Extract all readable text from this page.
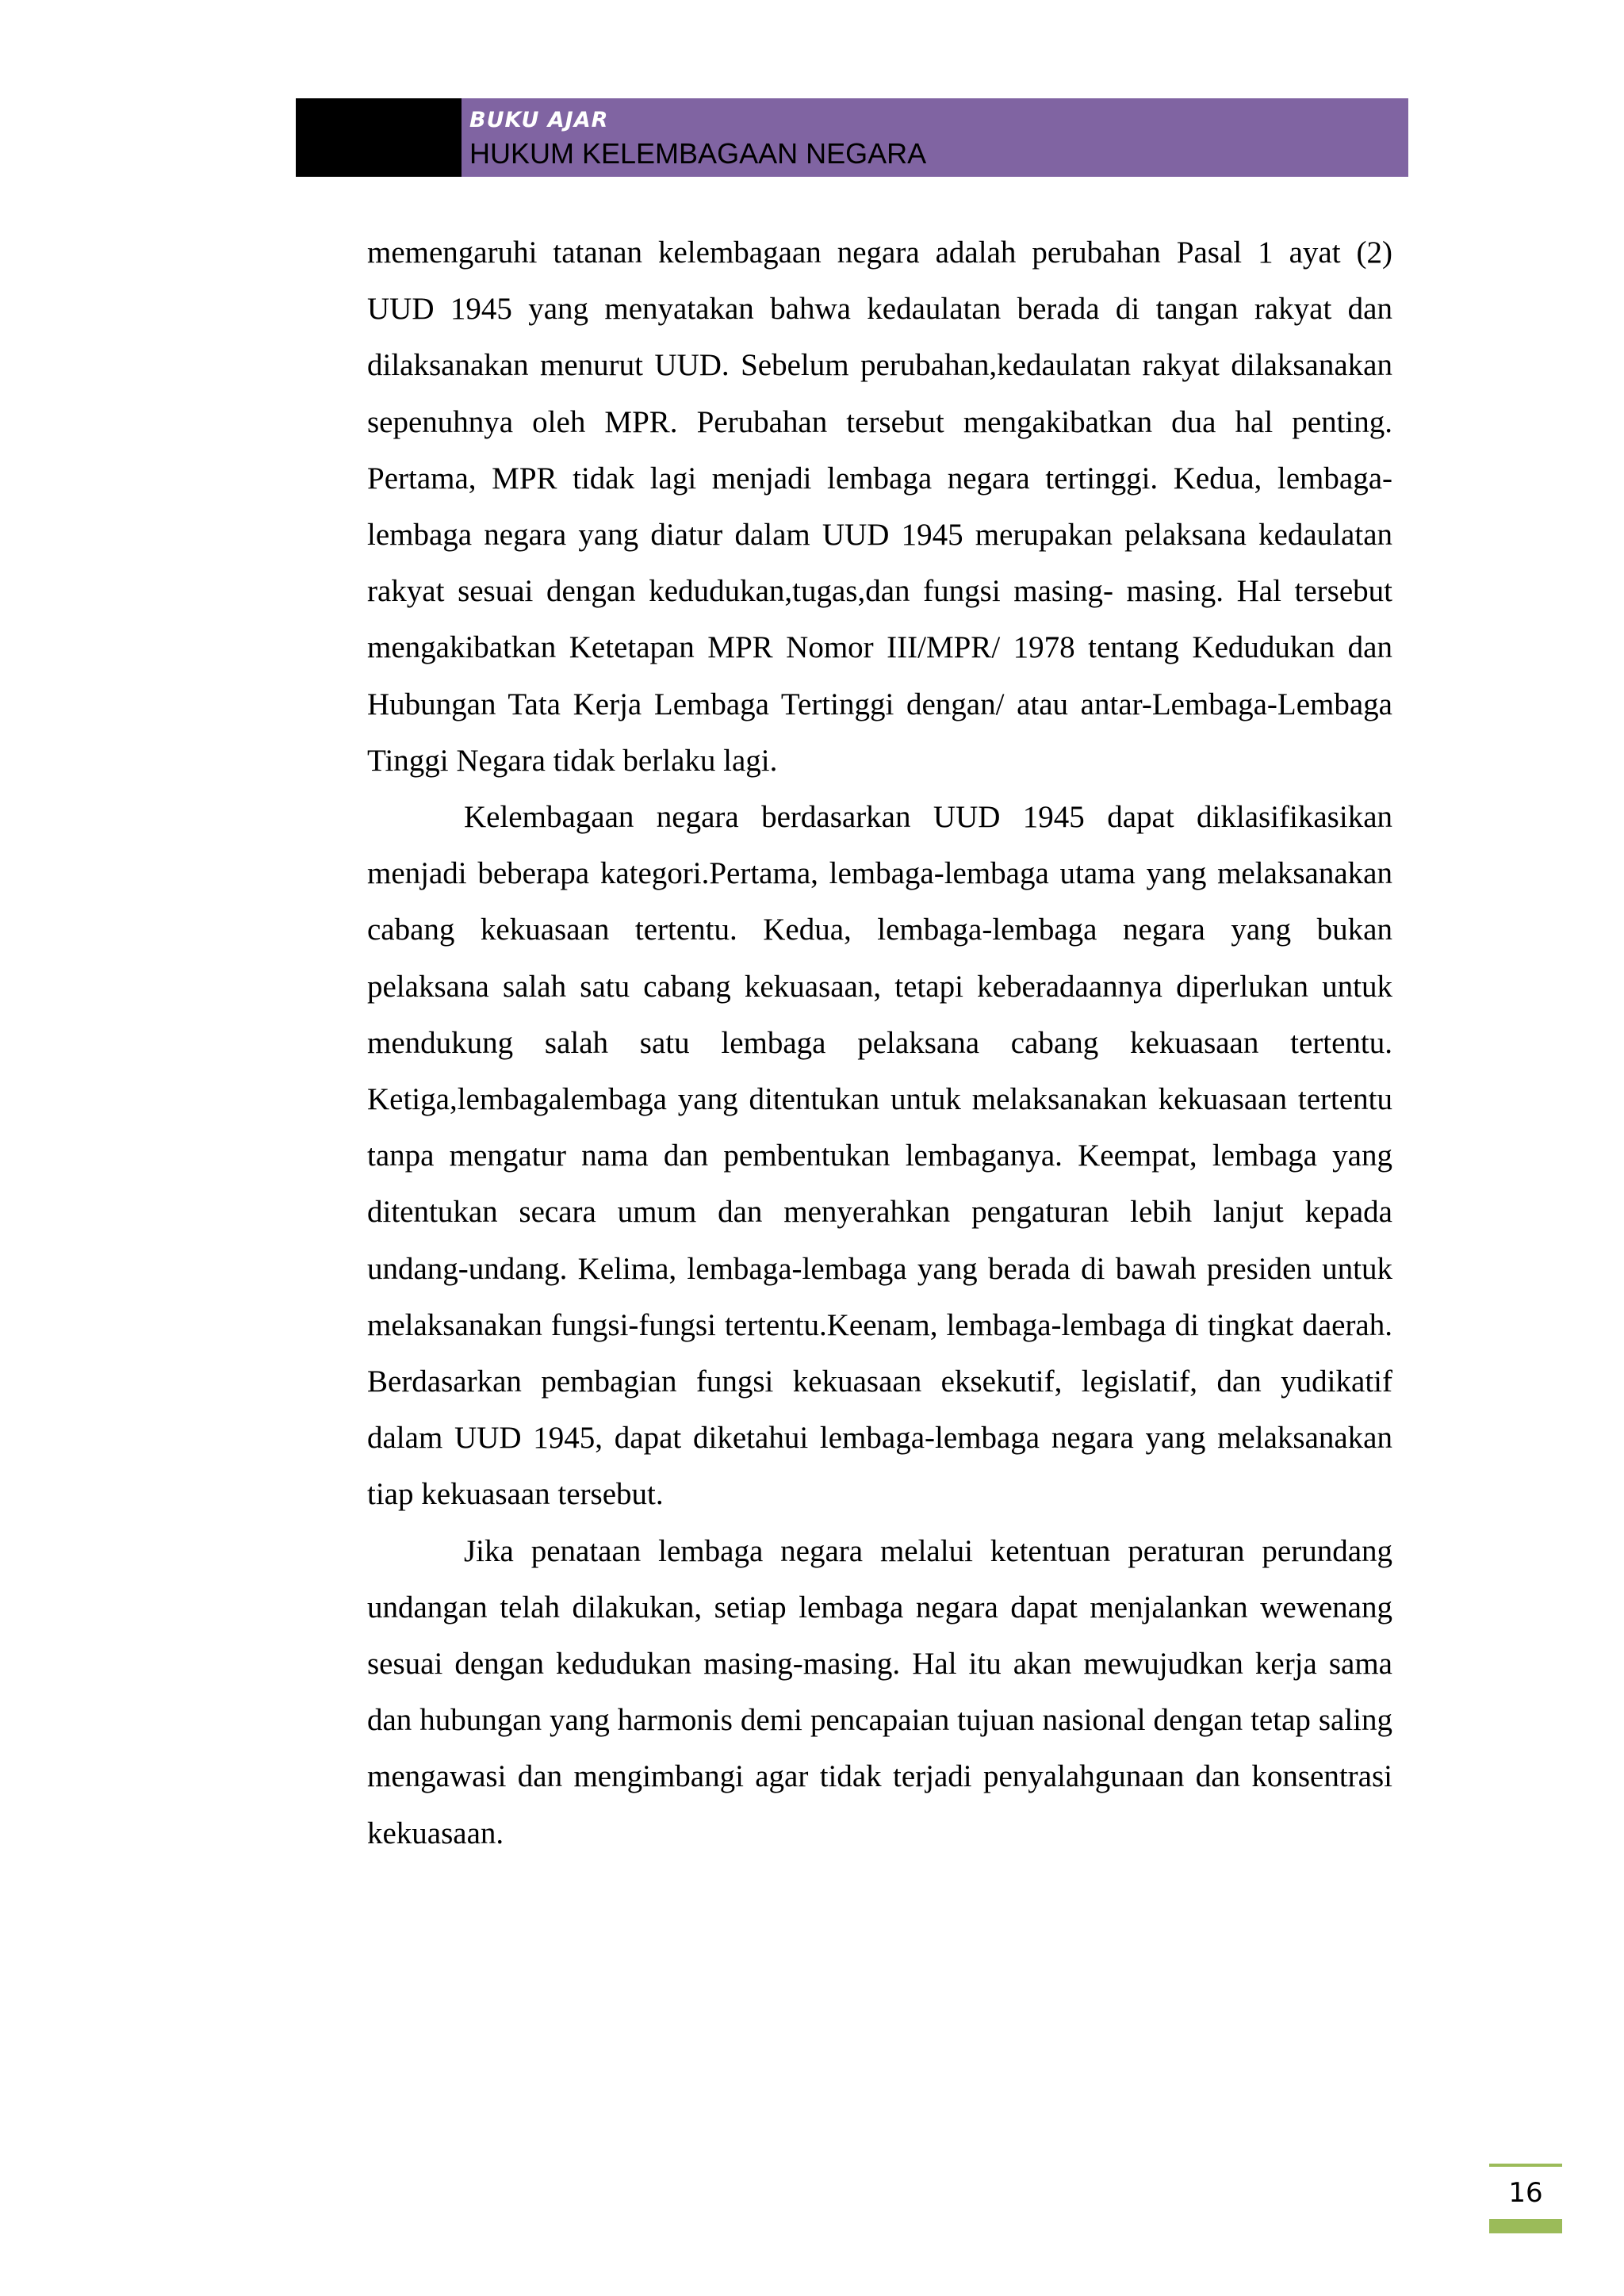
BUKU AJAR
HUKUM KELEMBAGAAN NEGARA

memengaruhi tatanan kelembagaan negara adalah perubahan Pasal 1 ayat (2) UUD 1945 yang menyatakan bahwa kedaulatan berada di tangan rakyat dan dilaksanakan menurut UUD. Sebelum perubahan,kedaulatan rakyat dilaksanakan sepenuhnya oleh MPR. Perubahan tersebut mengakibatkan dua hal penting. Pertama, MPR tidak lagi menjadi lembaga negara tertinggi. Kedua, lembaga-lembaga negara yang diatur dalam UUD 1945 merupakan pelaksana kedaulatan rakyat sesuai dengan kedudukan,tugas,dan fungsi masing- masing. Hal tersebut mengakibatkan Ketetapan MPR Nomor III/MPR/ 1978 tentang Kedudukan dan Hubungan Tata Kerja Lembaga Tertinggi dengan/ atau antar-Lembaga-Lembaga Tinggi Negara tidak berlaku lagi.

Kelembagaan negara berdasarkan UUD 1945 dapat diklasifikasikan menjadi beberapa kategori.Pertama, lembaga-lembaga utama yang melaksanakan cabang kekuasaan tertentu. Kedua, lembaga-lembaga negara yang bukan pelaksana salah satu cabang kekuasaan, tetapi keberadaannya diperlukan untuk mendukung salah satu lembaga pelaksana cabang kekuasaan tertentu. Ketiga,lembagalembaga yang ditentukan untuk melaksanakan kekuasaan tertentu tanpa mengatur nama dan pembentukan lembaganya. Keempat, lembaga yang ditentukan secara umum dan menyerahkan pengaturan lebih lanjut kepada undang-undang. Kelima, lembaga-lembaga yang berada di bawah presiden untuk melaksanakan fungsi-fungsi tertentu.Keenam, lembaga-lembaga di tingkat daerah. Berdasarkan pembagian fungsi kekuasaan eksekutif, legislatif, dan yudikatif dalam UUD 1945, dapat diketahui lembaga-lembaga negara yang melaksanakan tiap kekuasaan tersebut.

Jika penataan lembaga negara melalui ketentuan peraturan perundang undangan telah dilakukan, setiap lembaga negara dapat menjalankan wewenang sesuai dengan kedudukan masing-masing. Hal itu akan mewujudkan kerja sama dan hubungan yang harmonis demi pencapaian tujuan nasional dengan tetap saling mengawasi dan mengimbangi agar tidak terjadi penyalahgunaan dan konsentrasi kekuasaan.

16
